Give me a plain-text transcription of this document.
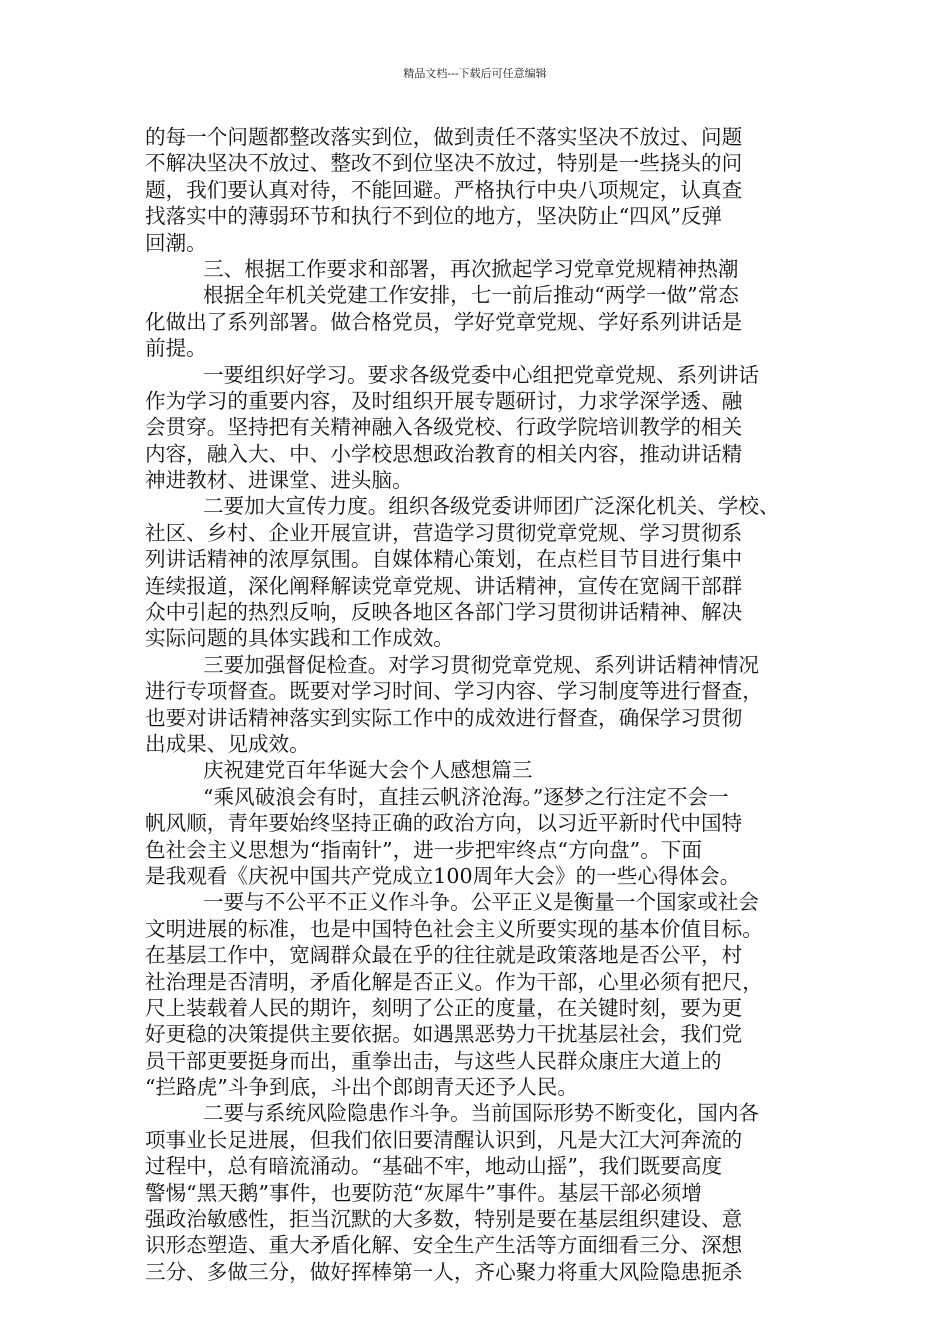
精品文档---下载后可任意编辑
的每一个问题都整改落实到位，做到责任不落实坚决不放过、问题
不解决坚决不放过、整改不到位坚决不放过，特别是一些挠头的问
题，我们要认真对待，不能回避。严格执行中央八项规定，认真查
找落实中的薄弱环节和执行不到位的地方，坚决防止“四风”反弹
回潮。
三、根据工作要求和部署，再次掀起学习党章党规精神热潮
根据全年机关党建工作安排，七一前后推动“两学一做”常态
化做出了系列部署。做合格党员，学好党章党规、学好系列讲话是
前提。
一要组织好学习。要求各级党委中心组把党章党规、系列讲话
作为学习的重要内容，及时组织开展专题研讨，力求学深学透、融
会贯穿。坚持把有关精神融入各级党校、行政学院培训教学的相关
内容，融入大、中、小学校思想政治教育的相关内容，推动讲话精
神进教材、进课堂、进头脑。
二要加大宣传力度。组织各级党委讲师团广泛深化机关、学校、
社区、乡村、企业开展宣讲，营造学习贯彻党章党规、学习贯彻系
列讲话精神的浓厚氛围。自媒体精心策划，在点栏目节目进行集中
连续报道，深化阐释解读党章党规、讲话精神，宣传在宽阔干部群
众中引起的热烈反响，反映各地区各部门学习贯彻讲话精神、解决
实际问题的具体实践和工作成效。
三要加强督促检查。对学习贯彻党章党规、系列讲话精神情况
进行专项督查。既要对学习时间、学习内容、学习制度等进行督查，
也要对讲话精神落实到实际工作中的成效进行督查，确保学习贯彻
出成果、见成效。
庆祝建党百年华诞大会个人感想篇三
“乘风破浪会有时，直挂云帆济沧海。”逐梦之行注定不会一
帆风顺，青年要始终坚持正确的政治方向，以习近平新时代中国特
色社会主义思想为“指南针”，进一步把牢终点“方向盘”。下面
是我观看《庆祝中国共产党成立100周年大会》的一些心得体会。
一要与不公平不正义作斗争。公平正义是衡量一个国家或社会
文明进展的标准，也是中国特色社会主义所要实现的基本价值目标。
在基层工作中，宽阔群众最在乎的往往就是政策落地是否公平，村
社治理是否清明，矛盾化解是否正义。作为干部，心里必须有把尺，
尺上装载着人民的期许，刻明了公正的度量，在关键时刻，要为更
好更稳的决策提供主要依据。如遇黑恶势力干扰基层社会，我们党
员干部更要挺身而出，重拳出击，与这些人民群众康庄大道上的
“拦路虎”斗争到底，斗出个郎朗青天还予人民。
二要与系统风险隐患作斗争。当前国际形势不断变化，国内各
项事业长足进展，但我们依旧要清醒认识到，凡是大江大河奔流的
过程中，总有暗流涌动。“基础不牢，地动山摇”，我们既要高度
警惕“黑天鹅”事件，也要防范“灰犀牛”事件。基层干部必须增
强政治敏感性，拒当沉默的大多数，特别是要在基层组织建设、意
识形态塑造、重大矛盾化解、安全生产生活等方面细看三分、深想
三分、多做三分，做好挥棒第一人，齐心聚力将重大风险隐患扼杀
